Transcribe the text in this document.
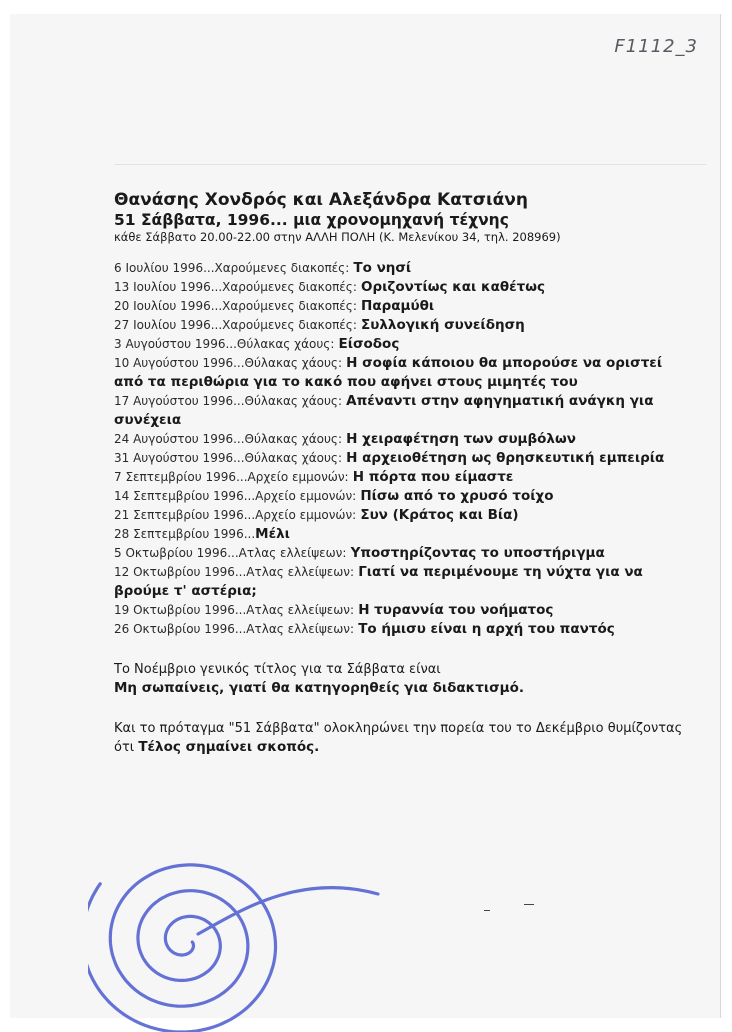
F1112_3
Θανάσης Χονδρός και Αλεξάνδρα Κατσιάνη
51 Σάββατα, 1996... μια χρονομηχανή τέχνης
κάθε Σάββατο 20.00-22.00 στην ΑΛΛΗ ΠΟΛΗ (Κ. Μελενίκου 34, τηλ. 208969)
6 Ιουλίου 1996...Χαρούμενες διακοπές: Το νησί
13 Ιουλίου 1996...Χαρούμενες διακοπές: Οριζοντίως και καθέτως
20 Ιουλίου 1996...Χαρούμενες διακοπές: Παραμύθι
27 Ιουλίου 1996...Χαρούμενες διακοπές: Συλλογική συνείδηση
3 Αυγούστου 1996...Θύλακας χάους: Είσοδος
10 Αυγούστου 1996...Θύλακας χάους: Η σοφία κάποιου θα μπορούσε να οριστεί από τα περιθώρια για το κακό που αφήνει στους μιμητές του
17 Αυγούστου 1996...Θύλακας χάους: Απέναντι στην αφηγηματική ανάγκη για συνέχεια
24 Αυγούστου 1996...Θύλακας χάους: Η χειραφέτηση των συμβόλων
31 Αυγούστου 1996...Θύλακας χάους: Η αρχειοθέτηση ως θρησκευτική εμπειρία
7 Σεπτεμβρίου 1996...Αρχείο εμμονών: Η πόρτα που είμαστε
14 Σεπτεμβρίου 1996...Αρχείο εμμονών: Πίσω από το χρυσό τοίχο
21 Σεπτεμβρίου 1996...Αρχείο εμμονών: Συν (Κράτος και Βία)
28 Σεπτεμβρίου 1996...Μέλι
5 Οκτωβρίου 1996...Ατλας ελλείψεων: Υποστηρίζοντας το υποστήριγμα
12 Οκτωβρίου 1996...Ατλας ελλείψεων: Γιατί να περιμένουμε τη νύχτα για να βρούμε τ' αστέρια;
19 Οκτωβρίου 1996...Ατλας ελλείψεων: Η τυραννία του νοήματος
26 Οκτωβρίου 1996...Ατλας ελλείψεων: Το ήμισυ είναι η αρχή του παντός
Το Νοέμβριο γενικός τίτλος για τα Σάββατα είναι
Μη σωπαίνεις, γιατί θα κατηγορηθείς για διδακτισμό.
Και το πρόταγμα "51 Σάββατα" ολοκληρώνει την πορεία του το Δεκέμβριο θυμίζοντας ότι Τέλος σημαίνει σκοπός.
